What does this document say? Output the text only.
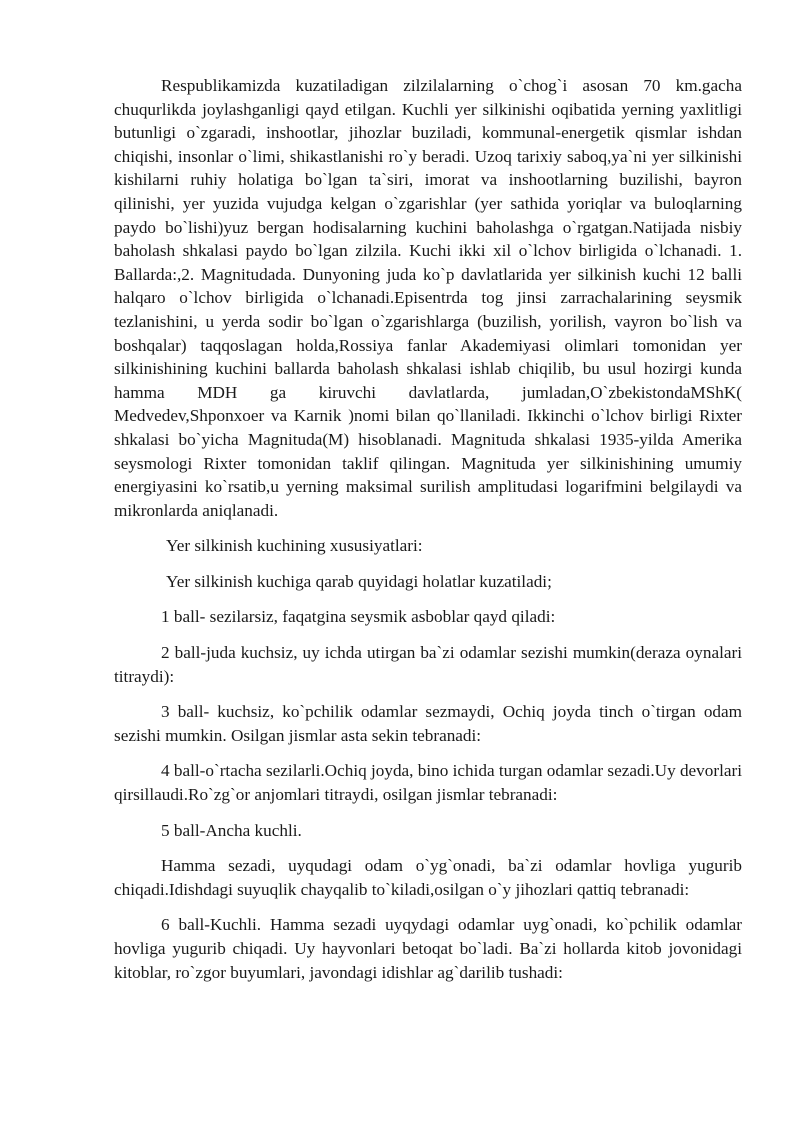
Respublikamizda kuzatiladigan zilzilalarning o`chog`i asosan 70 km.gacha chuqurlikda joylashganligi qayd etilgan. Kuchli yer silkinishi oqibatida yerning yaxlitligi butunligi o`zgaradi, inshootlar, jihozlar buziladi, kommunal-energetik qismlar ishdan chiqishi, insonlar o`limi, shikastlanishi ro`y beradi. Uzoq tarixiy saboq,ya`ni yer silkinishi kishilarni ruhiy holatiga bo`lgan ta`siri, imorat va inshootlarning buzilishi, bayron qilinishi, yer yuzida vujudga kelgan o`zgarishlar (yer sathida yoriqlar va buloqlarning paydo bo`lishi)yuz bergan hodisalarning kuchini baholashga o`rgatgan.Natijada nisbiy baholash shkalasi paydo bo`lgan zilzila. Kuchi ikki xil o`lchov birligida o`lchanadi. 1. Ballarda:,2. Magnitudada. Dunyoning juda ko`p davlatlarida yer silkinish kuchi 12 balli halqaro o`lchov birligida o`lchanadi.Episentrda tog jinsi zarrachalarining seysmik tezlanishini, u yerda sodir bo`lgan o`zgarishlarga (buzilish, yorilish, vayron bo`lish va boshqalar) taqqoslagan holda,Rossiya fanlar Akademiyasi olimlari tomonidan yer silkinishining kuchini ballarda baholash shkalasi ishlab chiqilib, bu usul hozirgi kunda hamma MDH ga kiruvchi davlatlarda, jumladan,O`zbekistondaMShK( Medvedev,Shponxoer va Karnik )nomi bilan qo`llaniladi. Ikkinchi o`lchov birligi Rixter shkalasi bo`yicha Magnituda(M) hisoblanadi. Magnituda shkalasi 1935-yilda Amerika seysmologi Rixter tomonidan taklif qilingan. Magnituda yer silkinishining umumiy energiyasini ko`rsatib,u yerning maksimal surilish amplitudasi logarifmini belgilaydi va mikronlarda aniqlanadi.

Yer silkinish kuchining xususiyatlari:

Yer silkinish kuchiga qarab quyidagi holatlar kuzatiladi;

1 ball- sezilarsiz, faqatgina seysmik asboblar qayd qiladi:

2 ball-juda kuchsiz, uy ichda utirgan ba`zi odamlar sezishi mumkin(deraza oynalari titraydi):

3 ball- kuchsiz, ko`pchilik odamlar sezmaydi, Ochiq joyda tinch o`tirgan odam sezishi mumkin. Osilgan jismlar asta sekin tebranadi:

4 ball-o`rtacha sezilarli.Ochiq joyda, bino ichida turgan odamlar sezadi.Uy devorlari qirsillaudi.Ro`zg`or anjomlari titraydi, osilgan jismlar tebranadi:

5 ball-Ancha kuchli.

Hamma sezadi, uyqudagi odam o`yg`onadi, ba`zi odamlar hovliga yugurib chiqadi.Idishdagi suyuqlik chayqalib to`kiladi,osilgan o`y jihozlari qattiq tebranadi:

6 ball-Kuchli. Hamma sezadi uyqydagi odamlar uyg`onadi, ko`pchilik odamlar hovliga yugurib chiqadi. Uy hayvonlari betoqat bo`ladi. Ba`zi hollarda kitob jovonidagi kitoblar, ro`zgor buyumlari, javondagi idishlar ag`darilib tushadi:
